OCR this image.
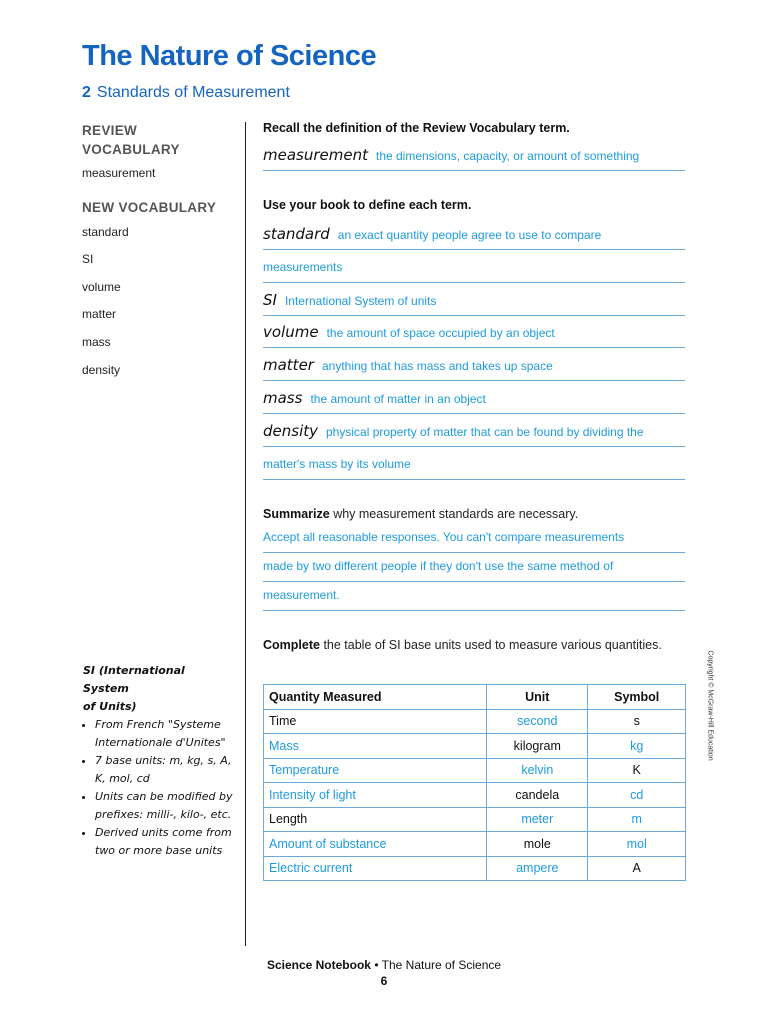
The Nature of Science
2 Standards of Measurement
REVIEW
VOCABULARY
measurement
NEW VOCABULARY
standard
SI
volume
matter
mass
density
Recall the definition of the Review Vocabulary term.
measurement the dimensions, capacity, or amount of something
Use your book to define each term.
standard an exact quantity people agree to use to compare
measurements
SI International System of units
volume the amount of space occupied by an object
matter anything that has mass and takes up space
mass the amount of matter in an object
density physical property of matter that can be found by dividing the
matter's mass by its volume
Summarize why measurement standards are necessary.
Accept all reasonable responses. You can't compare measurements
made by two different people if they don't use the same method of
measurement.
Complete the table of SI base units used to measure various quantities.
Quantity Measured	Unit	Symbol
Time	second	s
Mass	kilogram	kg
Temperature	kelvin	K
Intensity of light	candela	cd
Length	meter	m
Amount of substance	mole	mol
Electric current	ampere	A
SI (International System
of Units)
• From French "Systeme Internationale d'Unites"
• 7 base units: m, kg, s, A, K, mol, cd
• Units can be modified by prefixes: milli-, kilo-, etc.
• Derived units come from two or more base units
Copyright © McGraw-Hill Education
Science Notebook • The Nature of Science
6
